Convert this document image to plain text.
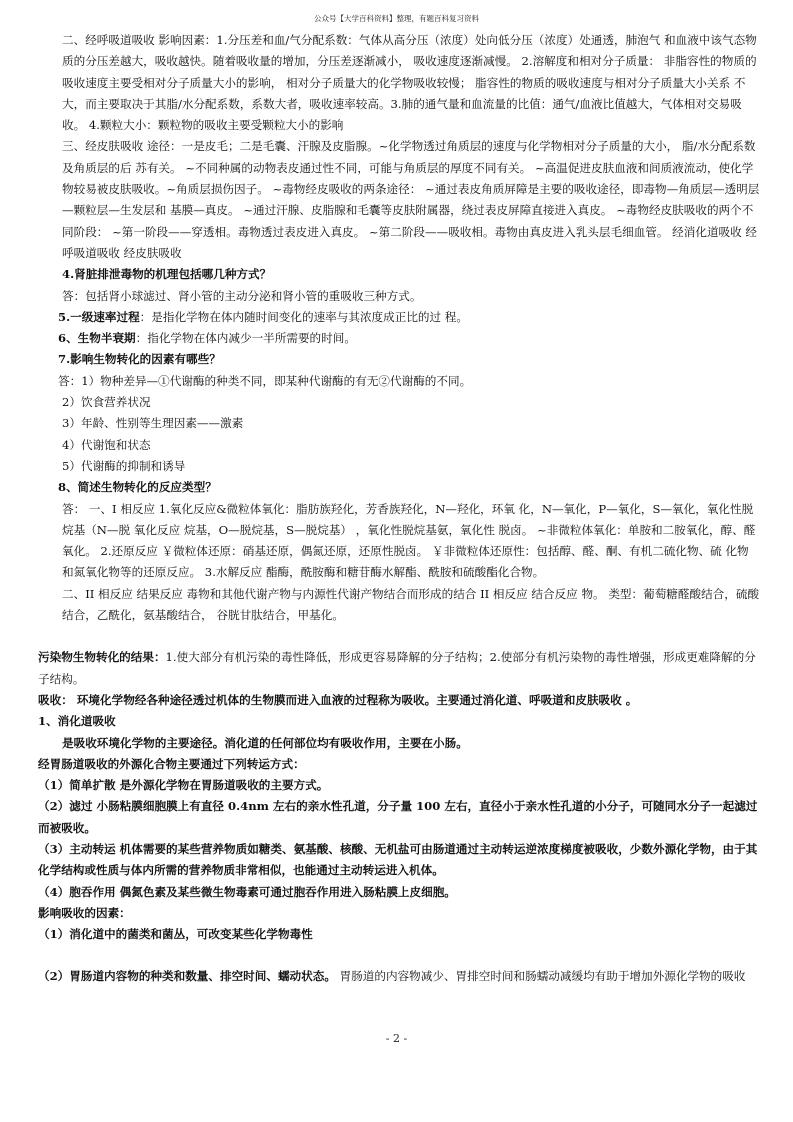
公众号【大学百科资料】整理，有题百科复习资料

二、经呼吸道吸收 影响因素：1.分压差和血/气分配系数：气体从高分压（浓度）处向低分压（浓度）处通透，肺泡气 和血液中该气态物质的分压差越大，吸收越快。随着吸收量的增加，分压差逐渐减小， 吸收速度逐渐减慢。 2.溶解度和相对分子质量： 非脂容性的物质的吸收速度主要受相对分子质量大小的影响， 相对分子质量大的化学物吸收较慢； 脂容性的物质的吸收速度与相对分子质量大小关系 不大，而主要取决于其脂/水分配系数，系数大者，吸收速率较高。3.肺的通气量和血流量的比值：通气/血液比值越大，气体相对交易吸收。 4.颗粒大小：颗粒物的吸收主要受颗粒大小的影响

三、经皮肤吸收 途径：一是皮毛；二是毛囊、汗腺及皮脂腺。~化学物透过角质层的速度与化学物相对分子质量的大小， 脂/水分配系数及角质层的后 苏有关。 ~不同种属的动物表皮通过性不同，可能与角质层的厚度不同有关。 ~高温促进皮肤血液和间质液流动，使化学物较易被皮肤吸收。~角质层损伤因子。 ~毒物经皮吸收的两条途径： ~通过表皮角质屏障是主要的吸收途径，即毒物—角质层—透明层—颗粒层—生发层和 基膜—真皮。 ~通过汗腺、皮脂腺和毛囊等皮肤附属器，绕过表皮屏障直接进入真皮。 ~毒物经皮肤吸收的两个不同阶段： ~第一阶段——穿透相。毒物透过表皮进入真皮。 ~第二阶段——吸收相。毒物由真皮进入乳头层毛细血管。 经消化道吸收 经呼吸道吸收 经皮肤吸收

4.肾脏排泄毒物的机理包括哪几种方式？

答：包括肾小球滤过、肾小管的主动分泌和肾小管的重吸收三种方式。

5.一级速率过程：是指化学物在体内随时间变化的速率与其浓度成正比的过 程。

6、生物半衰期：指化学物在体内减少一半所需要的时间。

7.影响生物转化的因素有哪些？

答：1）物种差异—①代谢酶的种类不同，即某种代谢酶的有无②代谢酶的不同。

2）饮食营养状况

3）年龄、性别等生理因素——激素

4）代谢饱和状态

5）代谢酶的抑制和诱导

8、简述生物转化的反应类型？

答： 一、I 相反应 1.氧化反应&微粒体氧化：脂肪族羟化，芳香族羟化，N—羟化，环氧 化，N—氧化，P—氧化，S—氧化，氧化性脱烷基（N—脱 氧化反应 烷基，O—脱烷基，S—脱烷基） ，氧化性脱烷基氨，氧化性 脱卤。 ~非微粒体氧化：单胺和二胺氧化，醇、醛氧化。 2.还原反应 ￥微粒体还原：硝基还原，偶氮还原，还原性脱卤。 ￥非微粒体还原性：包括醇、醛、酮、有机二硫化物、硫 化物和氮氧化物等的还原反应。 3.水解反应 酯酶，酰胺酶和糖苷酶水解酯、酰胺和硫酸酯化合物。

二、II 相反应 结果反应 毒物和其他代谢产物与内源性代谢产物结合而形成的结合 II 相反应 结合反应 物。 类型：葡萄糖醛酸结合，硫酸结合，乙酰化，氨基酸结合， 谷胱甘肽结合，甲基化。

污染物生物转化的结果：1.使大部分有机污染的毒性降低，形成更容易降解的分子结构；2.使部分有机污染物的毒性增强，形成更难降解的分子结构。

吸收： 环境化学物经各种途径透过机体的生物膜而进入血液的过程称为吸收。主要通过消化道、呼吸道和皮肤吸收 。

1、消化道吸收

是吸收环境化学物的主要途径。消化道的任何部位均有吸收作用，主要在小肠。

经胃肠道吸收的外源化合物主要通过下列转运方式：

（1）简单扩散 是外源化学物在胃肠道吸收的主要方式。

（2）滤过 小肠粘膜细胞膜上有直径 0.4nm 左右的亲水性孔道，分子量 100 左右，直径小于亲水性孔道的小分子，可随同水分子一起滤过而被吸收。

（3）主动转运 机体需要的某些营养物质如糖类、氨基酸、核酸、无机盐可由肠道通过主动转运逆浓度梯度被吸收，少数外源化学物，由于其化学结构或性质与体内所需的营养物质非常相似，也能通过主动转运进入机体。

（4）胞吞作用 偶氮色素及某些微生物毒素可通过胞吞作用进入肠粘膜上皮细胞。

影响吸收的因素：

（1）消化道中的菌类和菌丛，可改变某些化学物毒性

（2）胃肠道内容物的种类和数量、排空时间、蠕动状态。 胃肠道的内容物减少、胃排空时间和肠蠕动减缓均有助于增加外源化学物的吸收

- 2 -
